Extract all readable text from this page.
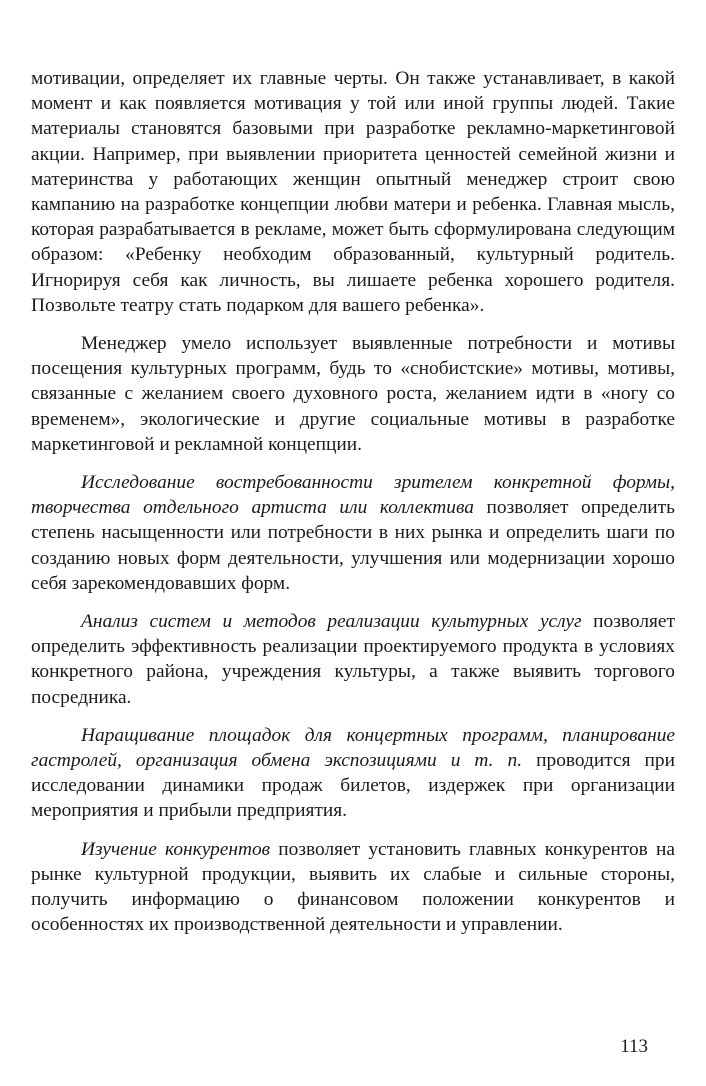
мотивации, определяет их главные черты. Он также устанавливает, в какой момент и как появляется мотивация у той или иной группы людей. Такие материалы становятся базовыми при разработке рекламно-маркетинговой акции. Например, при выявлении приоритета ценностей семейной жизни и материнства у работающих женщин опытный менеджер строит свою кампанию на разработке концепции любви матери и ребенка. Главная мысль, которая разрабатывается в рекламе, может быть сформулирована следующим образом: «Ребенку необходим образованный, культурный родитель. Игнорируя себя как личность, вы лишаете ребенка хорошего родителя. Позвольте театру стать подарком для вашего ребенка».

Менеджер умело использует выявленные потребности и мотивы посещения культурных программ, будь то «снобистские» мотивы, мотивы, связанные с желанием своего духовного роста, желанием идти в «ногу со временем», экологические и другие социальные мотивы в разработке маркетинговой и рекламной концепции.

Исследование востребованности зрителем конкретной формы, творчества отдельного артиста или коллектива позволяет определить степень насыщенности или потребности в них рынка и определить шаги по созданию новых форм деятельности, улучшения или модернизации хорошо себя зарекомендовавших форм.

Анализ систем и методов реализации культурных услуг позволяет определить эффективность реализации проектируемого продукта в условиях конкретного района, учреждения культуры, а также выявить торгового посредника.

Наращивание площадок для концертных программ, планирование гастролей, организация обмена экспозициями и т. п. проводится при исследовании динамики продаж билетов, издержек при организации мероприятия и прибыли предприятия.

Изучение конкурентов позволяет установить главных конкурентов на рынке культурной продукции, выявить их слабые и сильные стороны, получить информацию о финансовом положении конкурентов и особенностях их производственной деятельности и управлении.

113
